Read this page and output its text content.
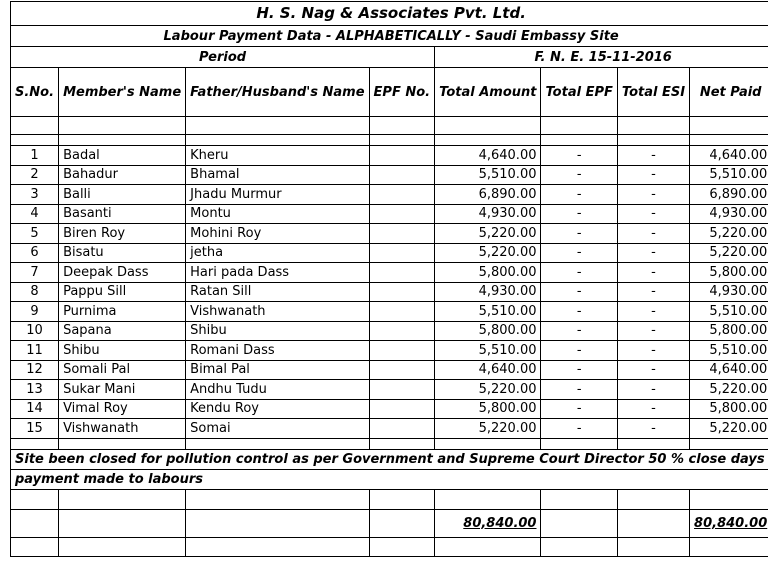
H. S. Nag & Associates Pvt. Ltd.							
Labour Payment Data - ALPHABETICALLY - Saudi Embassy Site							
Period				F. N. E. 15-11-2016			
S.No.	Member's Name	Father/Husband's Name	EPF No.	Total Amount	Total EPF	Total ESI	Net Paid

1	Badal	Kheru		4,640.00	-	-	4,640.00
2	Bahadur	Bhamal		5,510.00	-	-	5,510.00
3	Balli	Jhadu Murmur		6,890.00	-	-	6,890.00
4	Basanti	Montu		4,930.00	-	-	4,930.00
5	Biren Roy	Mohini Roy		5,220.00	-	-	5,220.00
6	Bisatu	jetha		5,220.00	-	-	5,220.00
7	Deepak Dass	Hari pada Dass		5,800.00	-	-	5,800.00
8	Pappu Sill	Ratan Sill		4,930.00	-	-	4,930.00
9	Purnima	Vishwanath		5,510.00	-	-	5,510.00
10	Sapana	Shibu		5,800.00	-	-	5,800.00
11	Shibu	Romani Dass		5,510.00	-	-	5,510.00
12	Somali Pal	Bimal Pal		4,640.00	-	-	4,640.00
13	Sukar Mani	Andhu Tudu		5,220.00	-	-	5,220.00
14	Vimal Roy	Kendu Roy		5,800.00	-	-	5,800.00
15	Vishwanath	Somai		5,220.00	-	-	5,220.00

Site been closed for pollution control as per Government and Supreme Court Director 50 % close days							
payment made to labours							

				80,840.00			80,840.00
